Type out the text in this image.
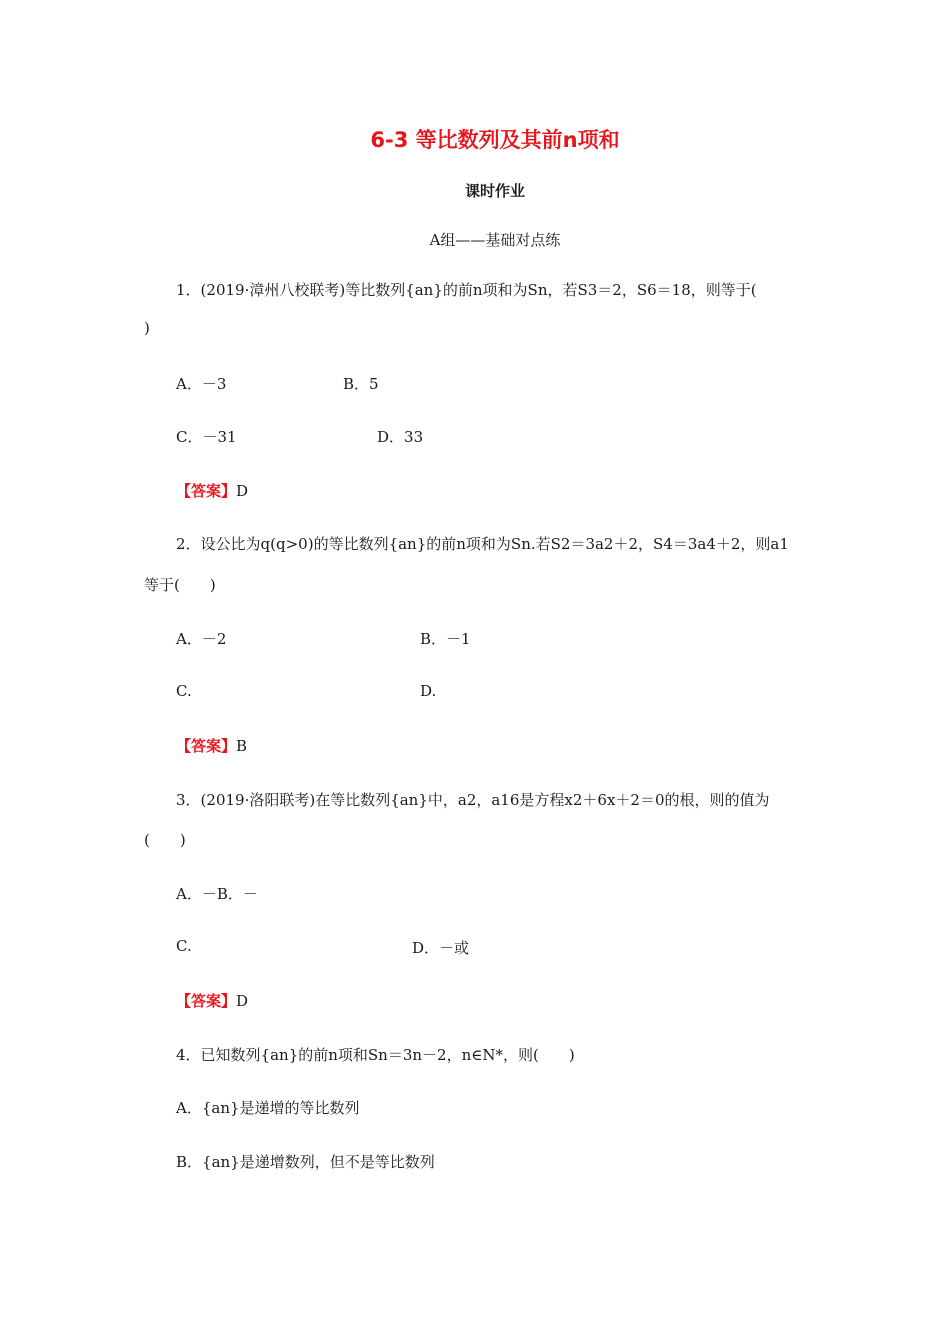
6-3 等比数列及其前n项和
课时作业
A组——基础对点练
1．(2019·漳州八校联考)等比数列{an}的前n项和为Sn，若S3＝2，S6＝18，则等于(
)
A．－3	B．5
C．－31	D．33
【答案】D
2．设公比为q(q>0)的等比数列{an}的前n项和为Sn.若S2＝3a2＋2，S4＝3a4＋2，则a1
等于(　　)
A．－2	B．－1
C.	D.
【答案】B
3．(2019·洛阳联考)在等比数列{an}中，a2，a16是方程x2＋6x＋2＝0的根，则的值为
(　　)
A．－B．－
C.	D．－或
【答案】D
4．已知数列{an}的前n项和Sn＝3n－2，n∈N*，则(　　)
A．{an}是递增的等比数列
B．{an}是递增数列，但不是等比数列
